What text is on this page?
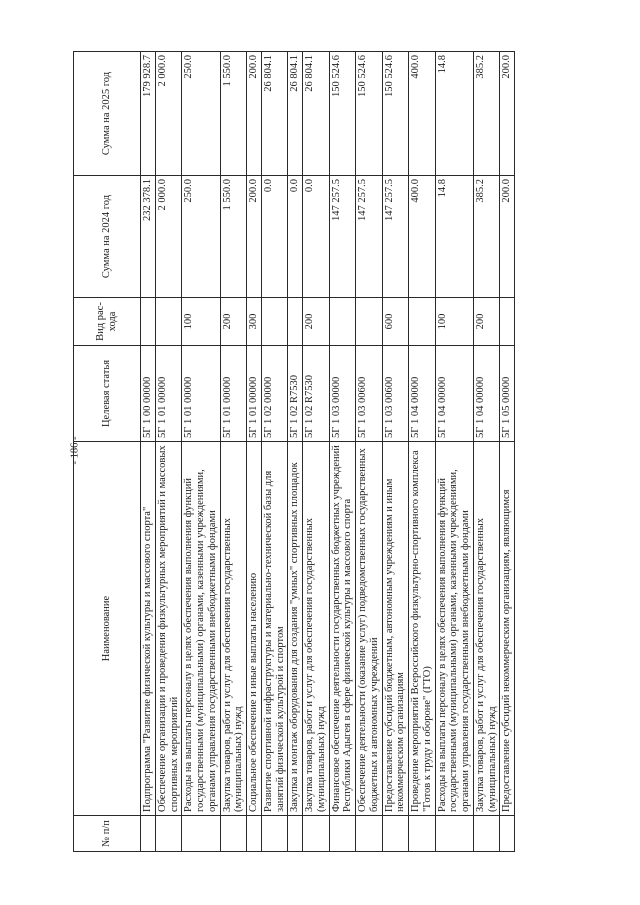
- 186 -
№ п/п	Наименование	Целевая статья	Вид рас- хода	Сумма на 2024 год	Сумма на 2025 год
	Подпрограмма "Развитие физической культуры и массового спорта"	5Г 1 00 00000		232 378.1	179 928.7
	Обеспечение организации и проведения физкультурных мероприятий и массовых спортивных мероприятий	5Г 1 01 00000		2 000.0	2 000.0
	Расходы на выплаты персоналу в целях обеспечения выполнения функций государственными (муниципальными) органами, казенными учреждениями, органами управления государственными внебюджетными фондами	5Г 1 01 00000	100	250.0	250.0
	Закупка товаров, работ и услуг для обеспечения государственных (муниципальных) нужд	5Г 1 01 00000	200	1 550.0	1 550.0
	Социальное обеспечение и иные выплаты населению	5Г 1 01 00000	300	200.0	200.0
	Развитие спортивной инфраструктуры и материально-технической базы для занятий физической культурой и спортом	5Г 1 02 00000		0.0	26 804.1
	Закупка и монтаж оборудования для создания "умных" спортивных площадок	5Г 1 02 R7530		0.0	26 804.1
	Закупка товаров, работ и услуг для обеспечения государственных (муниципальных) нужд	5Г 1 02 R7530	200	0.0	26 804.1
	Финансовое обеспечение деятельности государственных бюджетных учреждений Республики Адыгея в сфере физической культуры и массового спорта	5Г 1 03 00000		147 257.5	150 524.6
	Обеспечение деятельности (оказание услуг) подведомственных государственных бюджетных и автономных учреждений	5Г 1 03 00600		147 257.5	150 524.6
	Предоставление субсидий бюджетным, автономным учреждениям и иным некоммерческим организациям	5Г 1 03 00600	600	147 257.5	150 524.6
	Проведение мероприятий Всероссийского физкультурно-спортивного комплекса "Готов к труду и обороне" (ГТО)	5Г 1 04 00000		400.0	400.0
	Расходы на выплаты персоналу в целях обеспечения выполнения функций государственными (муниципальными) органами, казенными учреждениями, органами управления государственными внебюджетными фондами	5Г 1 04 00000	100	14.8	14.8
	Закупка товаров, работ и услуг для обеспечения государственных (муниципальных) нужд	5Г 1 04 00000	200	385.2	385.2
	Предоставление субсидий некоммерческим организациям, являющимся	5Г 1 05 00000		200.0	200.0
